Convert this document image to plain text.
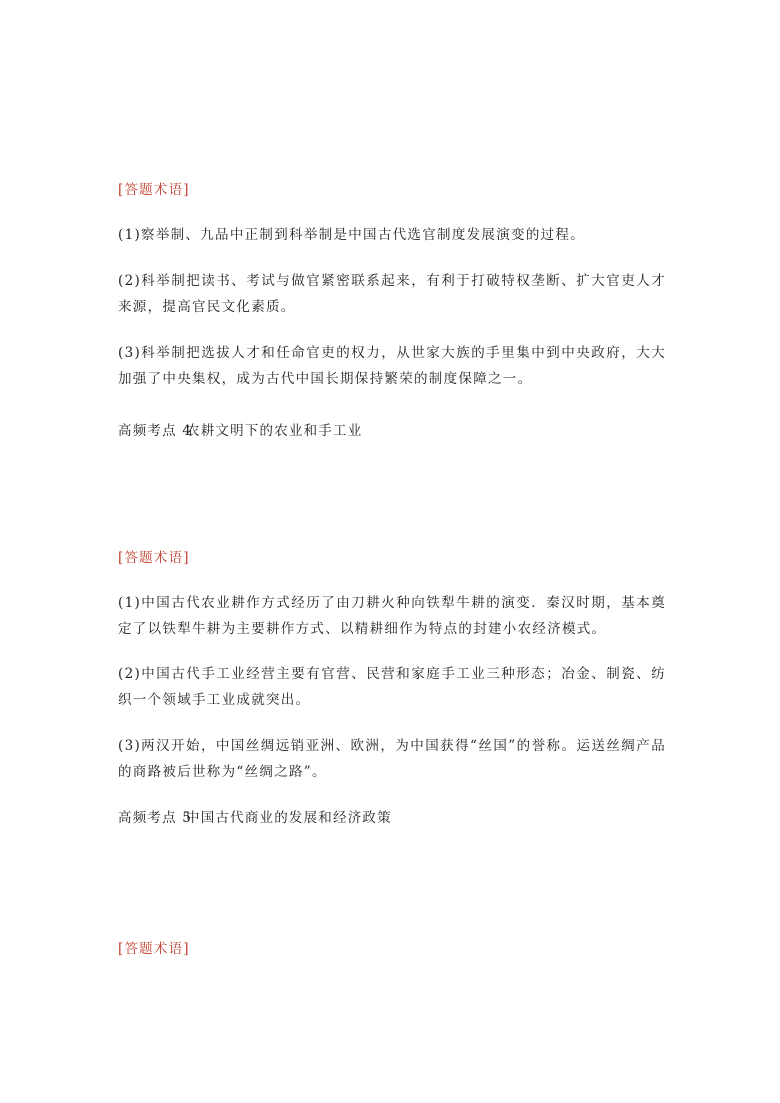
[答题术语]
(1)察举制、九品中正制到科举制是中国古代选官制度发展演变的过程。
(2)科举制把读书、考试与做官紧密联系起来，有利于打破特权垄断、扩大官吏人才来源，提高官民文化素质。
(3)科举制把选拔人才和任命官吏的权力，从世家大族的手里集中到中央政府，大大加强了中央集权，成为古代中国长期保持繁荣的制度保障之一。
高频考点 4农耕文明下的农业和手工业
[答题术语]
(1)中国古代农业耕作方式经历了由刀耕火种向铁犁牛耕的演变．秦汉时期，基本奠定了以铁犁牛耕为主要耕作方式、以精耕细作为特点的封建小农经济模式。
(2)中国古代手工业经营主要有官营、民营和家庭手工业三种形态；冶金、制瓷、纺织一个领域手工业成就突出。
(3)两汉开始，中国丝绸远销亚洲、欧洲，为中国获得“丝国”的誉称。运送丝绸产品的商路被后世称为“丝绸之路”。
高频考点 5中国古代商业的发展和经济政策
[答题术语]
